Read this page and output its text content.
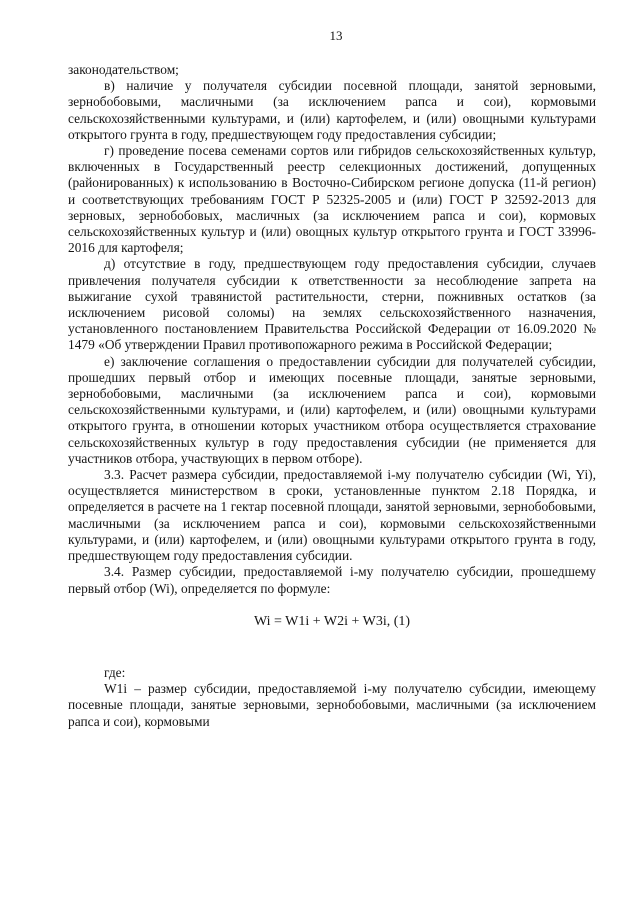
13

законодательством;

в) наличие у получателя субсидии посевной площади, занятой зерновыми, зернобобовыми, масличными (за исключением рапса и сои), кормовыми сельскохозяйственными культурами, и (или) картофелем, и (или) овощными культурами открытого грунта в году, предшествующем году предоставления субсидии;

г) проведение посева семенами сортов или гибридов сельскохозяйственных культур, включенных в Государственный реестр селекционных достижений, допущенных (районированных) к использованию в Восточно-Сибирском регионе допуска (11-й регион) и соответствующих требованиям ГОСТ Р 52325-2005 и (или) ГОСТ Р 32592-2013 для зерновых, зернобобовых, масличных (за исключением рапса и сои), кормовых сельскохозяйственных культур и (или) овощных культур открытого грунта и ГОСТ 33996-2016 для картофеля;

д) отсутствие в году, предшествующем году предоставления субсидии, случаев привлечения получателя субсидии к ответственности за несоблюдение запрета на выжигание сухой травянистой растительности, стерни, пожнивных остатков (за исключением рисовой соломы) на землях сельскохозяйственного назначения, установленного постановлением Правительства Российской Федерации от 16.09.2020 № 1479 «Об утверждении Правил противопожарного режима в Российской Федерации;

е) заключение соглашения о предоставлении субсидии для получателей субсидии, прошедших первый отбор и имеющих посевные площади, занятые зерновыми, зернобобовыми, масличными (за исключением рапса и сои), кормовыми сельскохозяйственными культурами, и (или) картофелем, и (или) овощными культурами открытого грунта, в отношении которых участником отбора осуществляется страхование сельскохозяйственных культур в году предоставления субсидии (не применяется для участников отбора, участвующих в первом отборе).

3.3. Расчет размера субсидии, предоставляемой i-му получателю субсидии (Wi, Yi), осуществляется министерством в сроки, установленные пунктом 2.18 Порядка, и определяется в расчете на 1 гектар посевной площади, занятой зерновыми, зернобобовыми, масличными (за исключением рапса и сои), кормовыми сельскохозяйственными культурами, и (или) картофелем, и (или) овощными культурами открытого грунта в году, предшествующем году предоставления субсидии.

3.4. Размер субсидии, предоставляемой i-му получателю субсидии, прошедшему первый отбор (Wi), определяется по формуле:

Wi = W1i + W2i + W3i, (1)

где:

W1i – размер субсидии, предоставляемой i-му получателю субсидии, имеющему посевные площади, занятые зерновыми, зернобобовыми, масличными (за исключением рапса и сои), кормовыми
